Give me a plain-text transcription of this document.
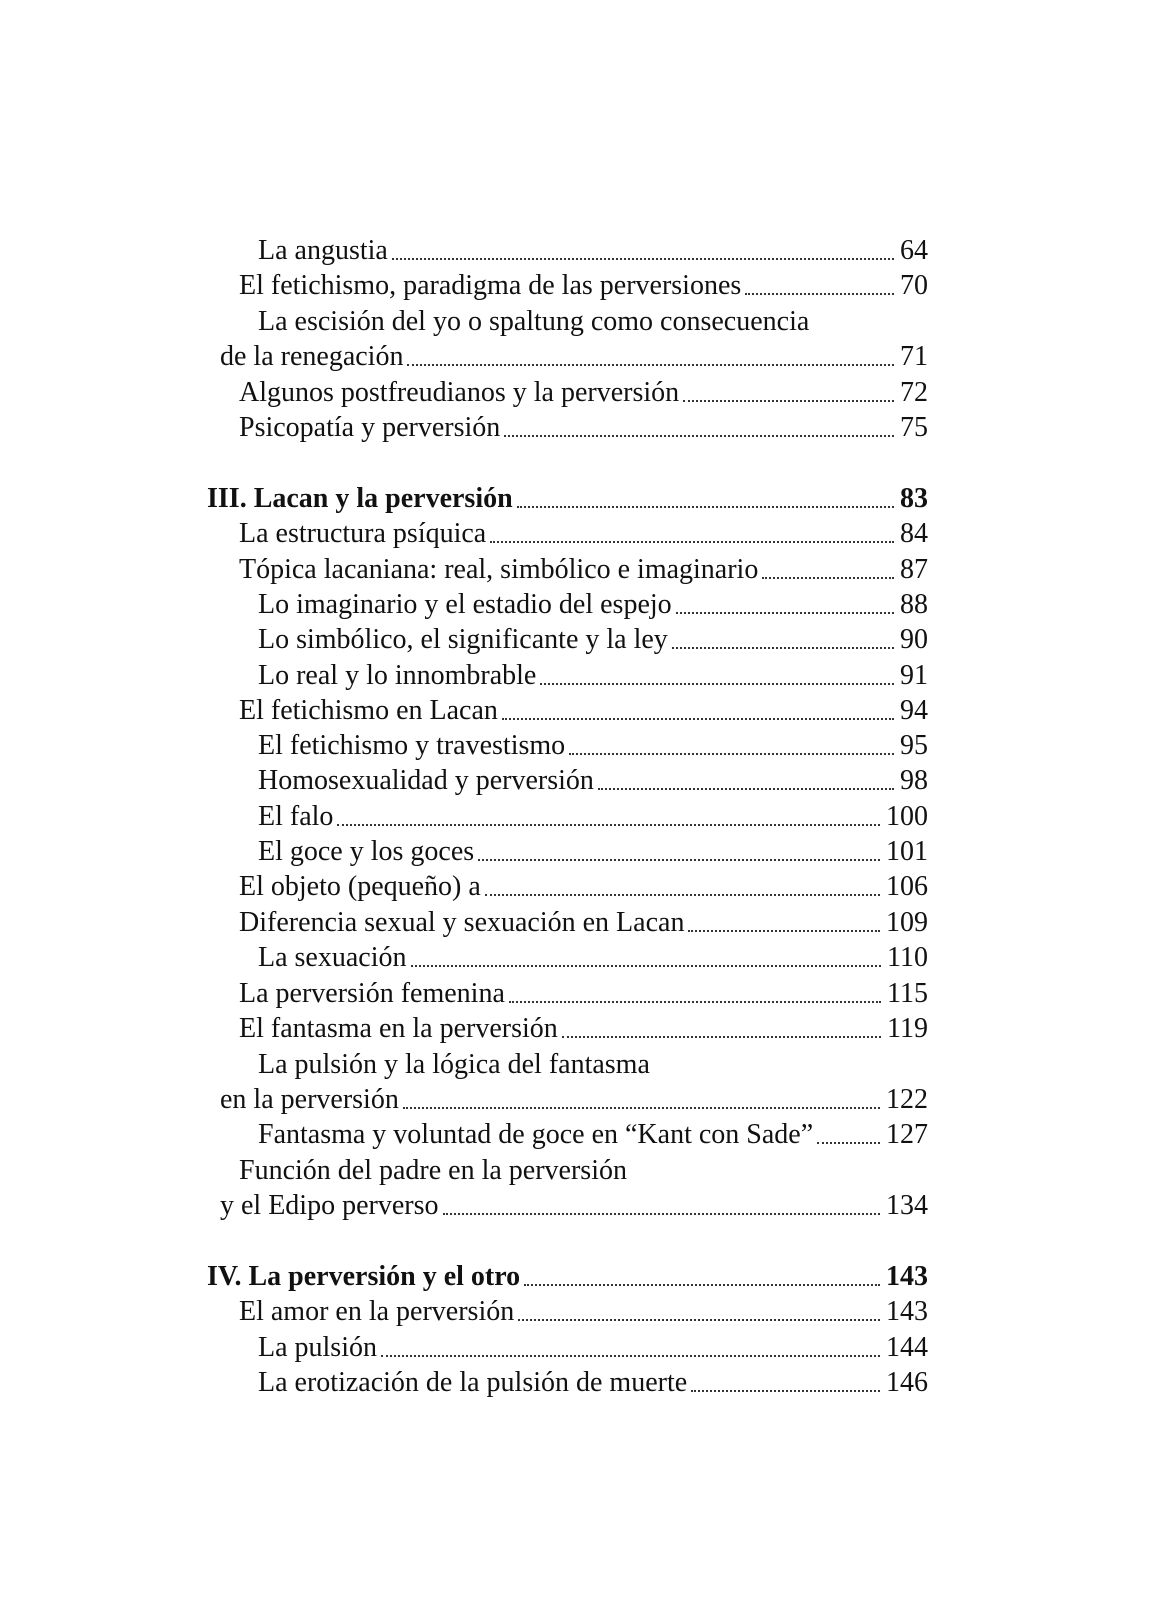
La angustia	64
El fetichismo, paradigma de las perversiones	70
La escisión del yo o spaltung como consecuencia
de la renegación	71
Algunos postfreudianos y la perversión	72
Psicopatía y perversión	75
III. Lacan y la perversión	83
La estructura psíquica	84
Tópica lacaniana: real, simbólico e imaginario	87
Lo imaginario y el estadio del espejo	88
Lo simbólico, el significante y la ley	90
Lo real y lo innombrable	91
El fetichismo en Lacan	94
El fetichismo y travestismo	95
Homosexualidad y perversión	98
El falo	100
El goce y los goces	101
El objeto (pequeño) a	106
Diferencia sexual y sexuación en Lacan	109
La sexuación	110
La perversión femenina	115
El fantasma en la perversión	119
La pulsión y la lógica del fantasma
en la perversión	122
Fantasma y voluntad de goce en “Kant con Sade”	127
Función del padre en la perversión
y el Edipo perverso	134
IV. La perversión y el otro	143
El amor en la perversión	143
La pulsión	144
La erotización de la pulsión de muerte	146
